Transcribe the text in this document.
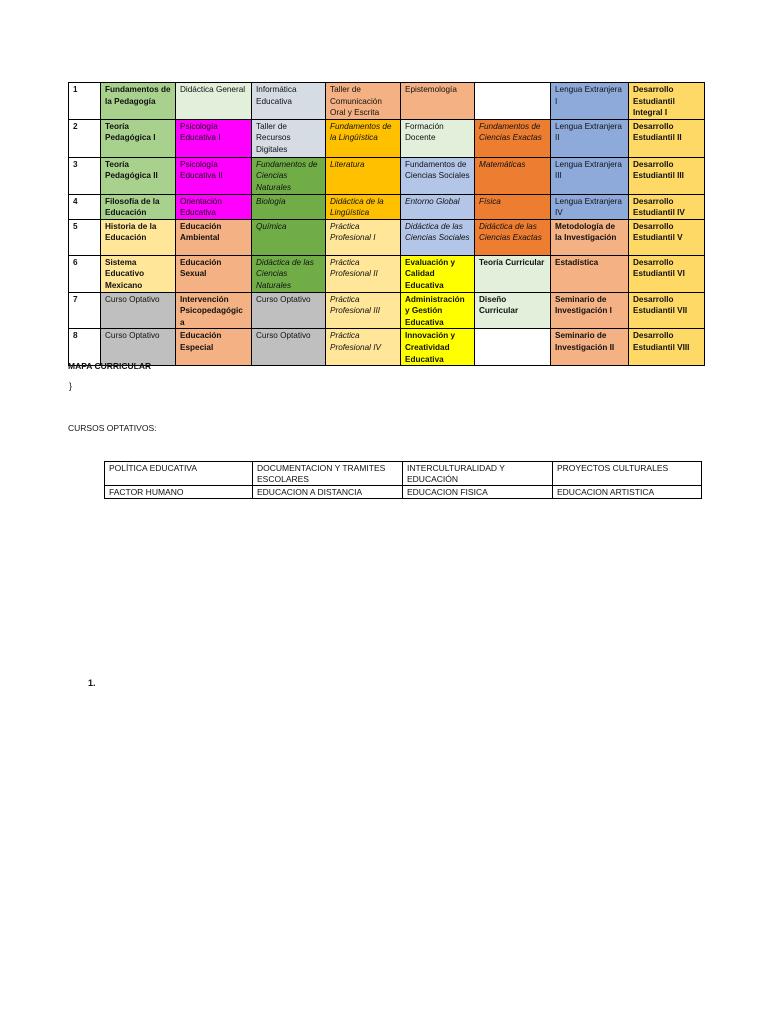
1	Fundamentos de la Pedagogía	Didáctica General	Informática Educativa	Taller de Comunicación Oral y Escrita	Epistemología		Lengua Extranjera I	Desarrollo Estudiantil Integral I
2	Teoría Pedagógica I	Psicología Educativa I	Taller de Recursos Digitales	Fundamentos de la Lingüística	Formación Docente	Fundamentos de Ciencias Exactas	Lengua Extranjera II	Desarrollo Estudiantil II
3	Teoría Pedagógica II	Psicología Educativa II	Fundamentos de Ciencias Naturales	Literatura	Fundamentos de Ciencias Sociales	Matemáticas	Lengua Extranjera III	Desarrollo Estudiantil III
4	Filosofía de la Educación	Orientación Educativa	Biología	Didáctica de la Lingüística	Entorno Global	Física	Lengua Extranjera IV	Desarrollo Estudiantil IV
5	Historia de la Educación	Educación Ambiental	Química	Práctica Profesional I	Didáctica de las Ciencias Sociales	Didáctica de las Ciencias Exactas	Metodología de la Investigación	Desarrollo Estudiantil V
6	Sistema Educativo Mexicano	Educación Sexual	Didáctica de las Ciencias Naturales	Práctica Profesional II	Evaluación y Calidad Educativa	Teoría Curricular	Estadística	Desarrollo Estudiantil VI
7	Curso Optativo	Intervención Psicopedagógica	Curso Optativo	Práctica Profesional III	Administración y Gestión Educativa	Diseño Curricular	Seminario de Investigación I	Desarrollo Estudiantil VII
8	Curso Optativo	Educación Especial	Curso Optativo	Práctica Profesional IV	Innovación y Creatividad Educativa		Seminario de Investigación II	Desarrollo Estudiantil VIII
MAPA CURRICULAR
}
CURSOS OPTATIVOS:
POLÍTICA EDUCATIVA	DOCUMENTACION Y TRAMITES ESCOLARES	INTERCULTURALIDAD Y EDUCACIÓN	PROYECTOS CULTURALES
FACTOR HUMANO	EDUCACION A DISTANCIA	EDUCACION FISICA	EDUCACION ARTISTICA
1.
